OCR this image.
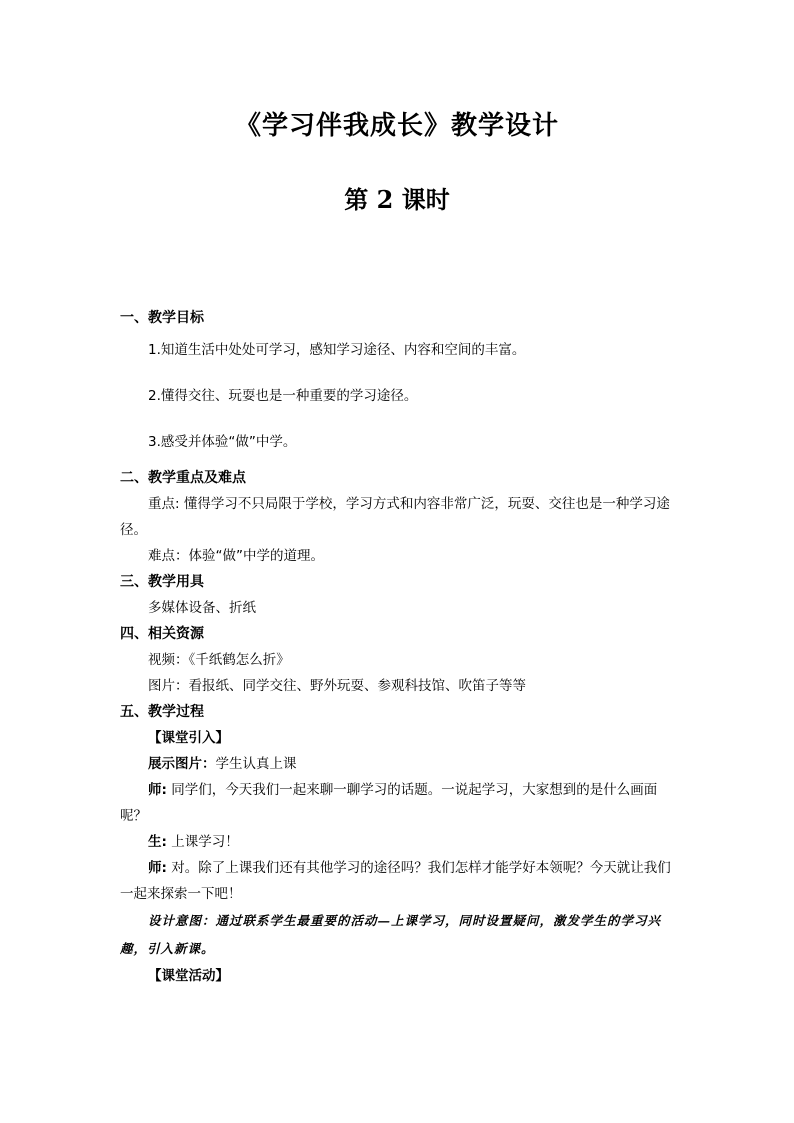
《学习伴我成长》教学设计
第 2 课时
一、教学目标
1.知道生活中处处可学习，感知学习途径、内容和空间的丰富。
2.懂得交往、玩耍也是一种重要的学习途径。
3.感受并体验“做”中学。
二、教学重点及难点
重点: 懂得学习不只局限于学校，学习方式和内容非常广泛，玩耍、交往也是一种学习途径。
难点：体验“做”中学的道理。
三、教学用具
多媒体设备、折纸
四、相关资源
视频：《千纸鹤怎么折》
图片：看报纸、同学交往、野外玩耍、参观科技馆、吹笛子等等
五、教学过程
【课堂引入】
展示图片：学生认真上课
师: 同学们，今天我们一起来聊一聊学习的话题。一说起学习，大家想到的是什么画面呢？
生: 上课学习！
师: 对。除了上课我们还有其他学习的途径吗？我们怎样才能学好本领呢？今天就让我们一起来探索一下吧！
设计意图：通过联系学生最重要的活动—上课学习，同时设置疑问，激发学生的学习兴趣，引入新课。
【课堂活动】
